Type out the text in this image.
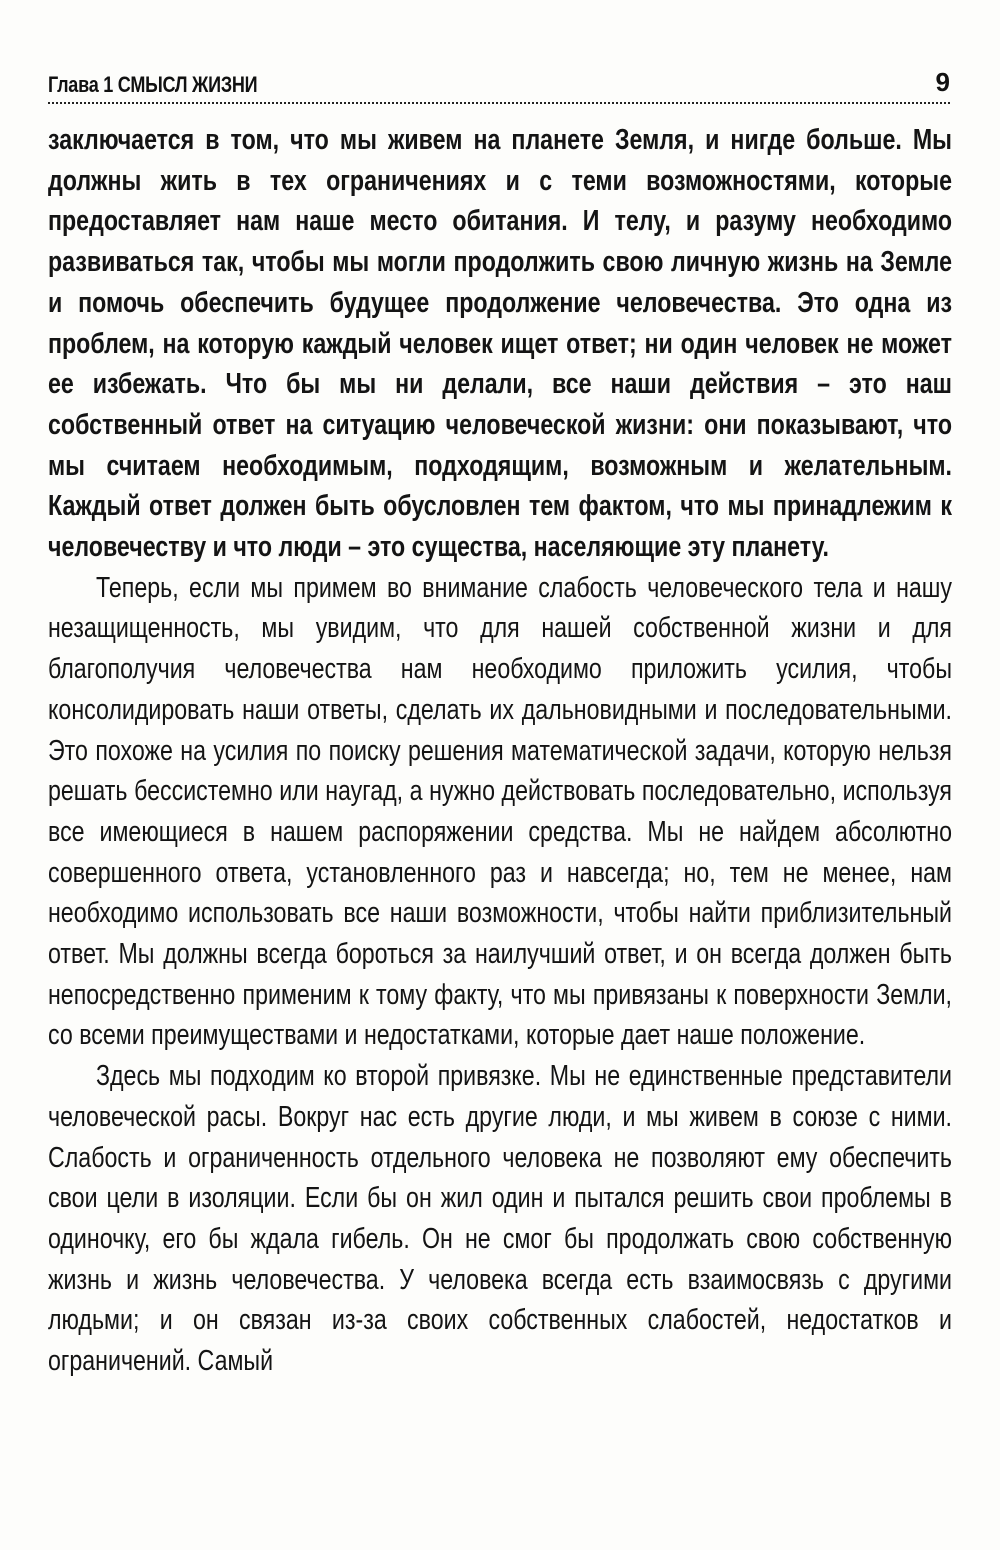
Глава 1 СМЫСЛ ЖИЗНИ	9

заключается в том, что мы живем на планете Земля, и нигде больше. Мы должны жить в тех ограничениях и с теми возможностями, которые предоставляет нам наше место обитания. И телу, и разуму необходимо развиваться так, чтобы мы могли продолжить свою личную жизнь на Земле и помочь обеспечить будущее продолжение человечества. Это одна из проблем, на которую каждый человек ищет ответ; ни один человек не может ее избежать. Что бы мы ни делали, все наши действия – это наш собственный ответ на ситуацию человеческой жизни: они показывают, что мы считаем необходимым, подходящим, возможным и желательным. Каждый ответ должен быть обусловлен тем фактом, что мы принадлежим к человечеству и что люди – это существа, населяющие эту планету.

Теперь, если мы примем во внимание слабость человеческого тела и нашу незащищенность, мы увидим, что для нашей собственной жизни и для благополучия человечества нам необходимо приложить усилия, чтобы консолидировать наши ответы, сделать их дальновидными и последовательными. Это похоже на усилия по поиску решения математической задачи, которую нельзя решать бессистемно или наугад, а нужно действовать последовательно, используя все имеющиеся в нашем распоряжении средства. Мы не найдем абсолютно совершенного ответа, установленного раз и навсегда; но, тем не менее, нам необходимо использовать все наши возможности, чтобы найти приблизительный ответ. Мы должны всегда бороться за наилучший ответ, и он всегда должен быть непосредственно применим к тому факту, что мы привязаны к поверхности Земли, со всеми преимуществами и недостатками, которые дает наше положение.

Здесь мы подходим ко второй привязке. Мы не единственные представители человеческой расы. Вокруг нас есть другие люди, и мы живем в союзе с ними. Слабость и ограниченность отдельного человека не позволяют ему обеспечить свои цели в изоляции. Если бы он жил один и пытался решить свои проблемы в одиночку, его бы ждала гибель. Он не смог бы продолжать свою собственную жизнь и жизнь человечества. У человека всегда есть взаимосвязь с другими людьми; и он связан из-за своих собственных слабостей, недостатков и ограничений. Самый
